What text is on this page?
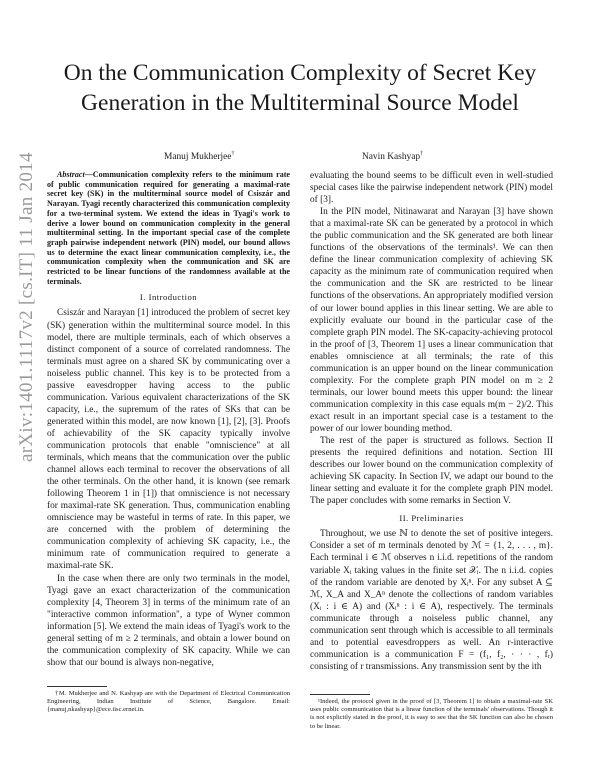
On the Communication Complexity of Secret Key
Generation in the Multiterminal Source Model
Manuj Mukherjee†	Navin Kashyap†
arXiv:1401.1117v2 [cs.IT] 11 Jan 2014	Abstract—Communication complexity refers to the minimum rate of public communication required for generating a maximal-rate secret key (SK) in the multiterminal source model of Csiszár and Narayan. Tyagi recently characterized this communication complexity for a two-terminal system. We extend the ideas in Tyagi's work to derive a lower bound on communication complexity in the general multiterminal setting. In the important special case of the complete graph pairwise independent network (PIN) model, our bound allows us to determine the exact linear communication complexity, i.e., the communication complexity when the communication and SK are restricted to be linear functions of the randomness available at the terminals.

I. Introduction

Csiszár and Narayan [1] introduced the problem of secret key (SK) generation within the multiterminal source model. In this model, there are multiple terminals, each of which observes a distinct component of a source of correlated randomness. The terminals must agree on a shared SK by communicating over a noiseless public channel. This key is to be protected from a passive eavesdropper having access to the public communication. Various equivalent characterizations of the SK capacity, i.e., the supremum of the rates of SKs that can be generated within this model, are now known [1], [2], [3]. Proofs of achievability of the SK capacity typically involve communication protocols that enable "omniscience" at all terminals, which means that the communication over the public channel allows each terminal to recover the observations of all the other terminals. On the other hand, it is known (see remark following Theorem 1 in [1]) that omniscience is not necessary for maximal-rate SK generation. Thus, communication enabling omniscience may be wasteful in terms of rate. In this paper, we are concerned with the problem of determining the communication complexity of achieving SK capacity, i.e., the minimum rate of communication required to generate a maximal-rate SK.

In the case when there are only two terminals in the model, Tyagi gave an exact characterization of the communication complexity [4, Theorem 3] in terms of the minimum rate of an "interactive common information", a type of Wyner common information [5]. We extend the main ideas of Tyagi's work to the general setting of m ≥ 2 terminals, and obtain a lower bound on the communication complexity of SK capacity. While we can show that our bound is always non-negative,

†M. Mukherjee and N. Kashyap are with the Department of Electrical Communication Engineering, Indian Institute of Science, Bangalore. Email: {manuj,nkashyap}@ece.iisc.ernet.in.

evaluating the bound seems to be difficult even in well-studied special cases like the pairwise independent network (PIN) model of [3].

In the PIN model, Nitinawarat and Narayan [3] have shown that a maximal-rate SK can be generated by a protocol in which the public communication and the SK generated are both linear functions of the observations of the terminals¹. We can then define the linear communication complexity of achieving SK capacity as the minimum rate of communication required when the communication and the SK are restricted to be linear functions of the observations. An appropriately modified version of our lower bound applies in this linear setting. We are able to explicitly evaluate our bound in the particular case of the complete graph PIN model. The SK-capacity-achieving protocol in the proof of [3, Theorem 1] uses a linear communication that enables omniscience at all terminals; the rate of this communication is an upper bound on the linear communication complexity. For the complete graph PIN model on m ≥ 2 terminals, our lower bound meets this upper bound: the linear communication complexity in this case equals m(m − 2)/2. This exact result in an important special case is a testament to the power of our lower bounding method.

The rest of the paper is structured as follows. Section II presents the required definitions and notation. Section III describes our lower bound on the communication complexity of achieving SK capacity. In Section IV, we adapt our bound to the linear setting and evaluate it for the complete graph PIN model. The paper concludes with some remarks in Section V.

II. Preliminaries

Throughout, we use ℕ to denote the set of positive integers. Consider a set of m terminals denoted by ℳ = {1, 2, . . . , m}. Each terminal i ∈ ℳ observes n i.i.d. repetitions of the random variable Xᵢ taking values in the finite set 𝒳ᵢ. The n i.i.d. copies of the random variable are denoted by Xᵢⁿ. For any subset A ⊆ ℳ, X_A and X_Aⁿ denote the collections of random variables (Xᵢ : i ∈ A) and (Xᵢⁿ : i ∈ A), respectively. The terminals communicate through a noiseless public channel, any communication sent through which is accessible to all terminals and to potential eavesdroppers as well. An r-interactive communication is a communication F = (f₁, f₂, · · · , fᵣ) consisting of r transmissions. Any transmission sent by the ith

¹Indeed, the protocol given in the proof of [3, Theorem 1] to obtain a maximal-rate SK uses public communication that is a linear function of the terminals' observations. Though it is not explicitly stated in the proof, it is easy to see that the SK function can also be chosen to be linear.
